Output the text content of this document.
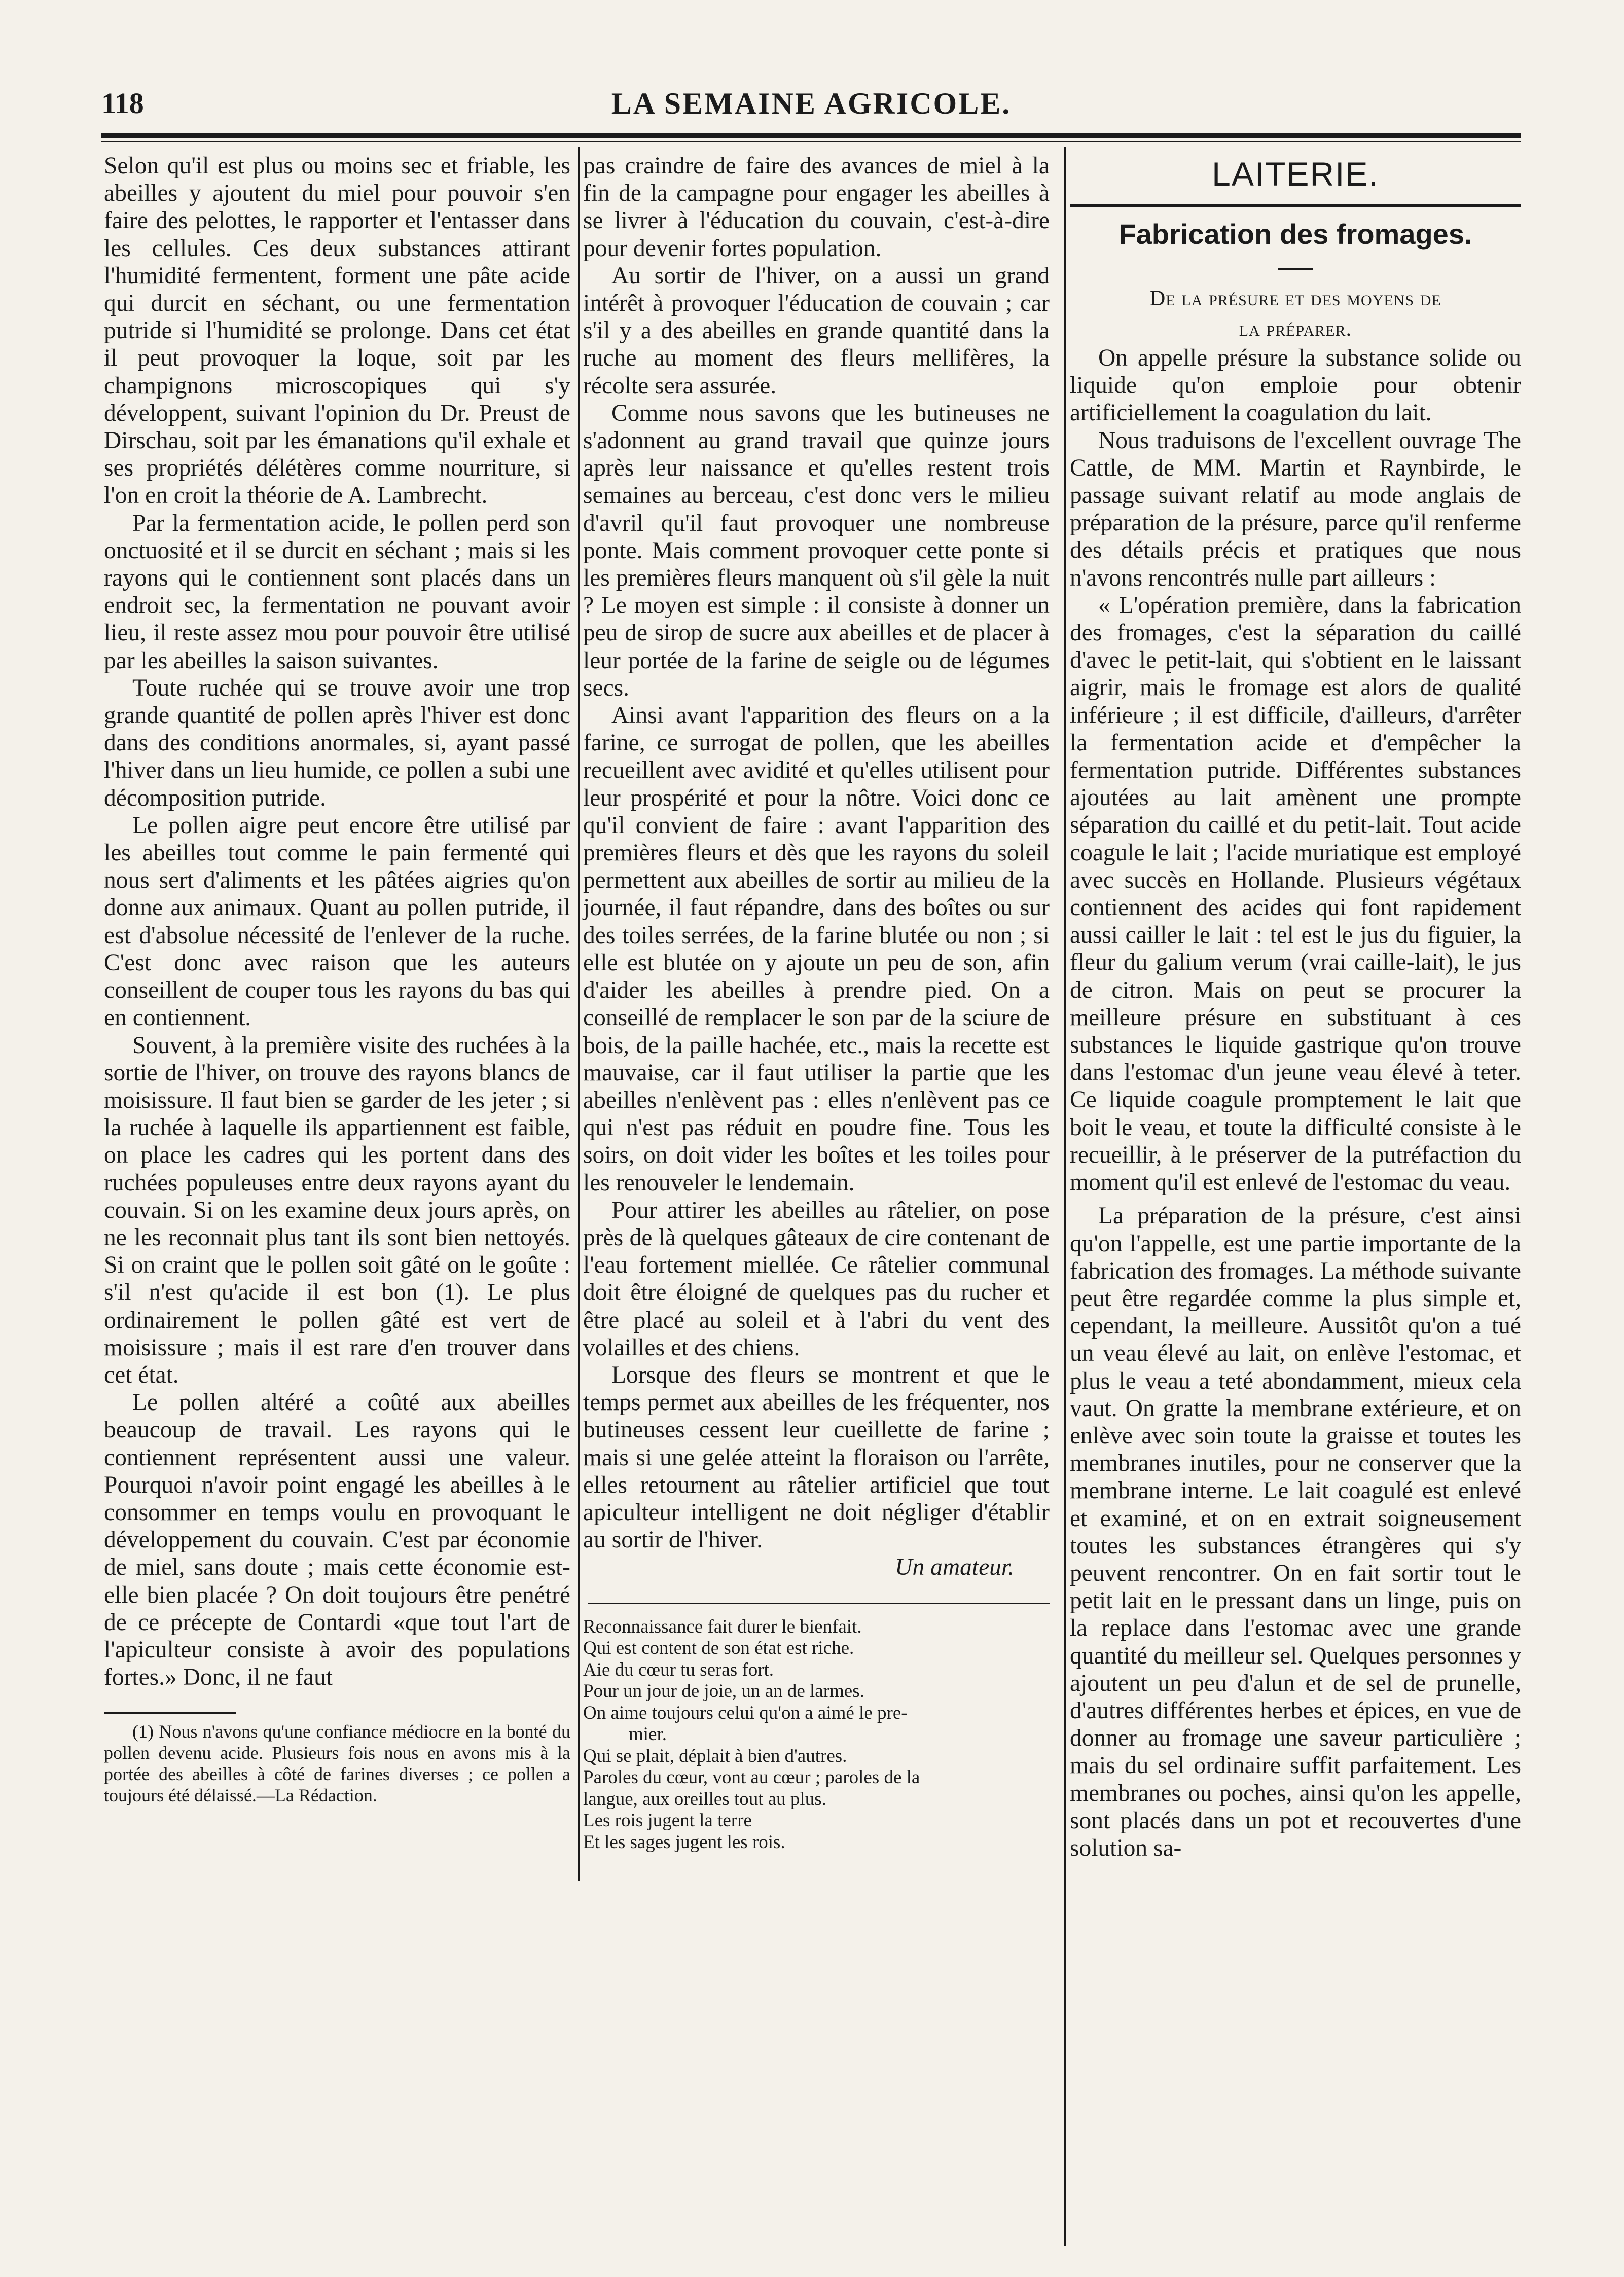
118	LA SEMAINE AGRICOLE.

Selon qu'il est plus ou moins sec et friable, les abeilles y ajoutent du miel pour pouvoir s'en faire des pelottes, le rapporter et l'entasser dans les cellules. Ces deux substances attirant l'humidité fermentent, forment une pâte acide qui durcit en séchant, ou une fermentation putride si l'humidité se prolonge. Dans cet état il peut provoquer la loque, soit par les champignons microscopiques qui s'y développent, suivant l'opinion du Dr. Preust de Dirschau, soit par les émanations qu'il exhale et ses propriétés délétères comme nourriture, si l'on en croit la théorie de A. Lambrecht.

Par la fermentation acide, le pollen perd son onctuosité et il se durcit en séchant ; mais si les rayons qui le contiennent sont placés dans un endroit sec, la fermentation ne pouvant avoir lieu, il reste assez mou pour pouvoir être utilisé par les abeilles la saison suivantes.

Toute ruchée qui se trouve avoir une trop grande quantité de pollen après l'hiver est donc dans des conditions anormales, si, ayant passé l'hiver dans un lieu humide, ce pollen a subi une décomposition putride.

Le pollen aigre peut encore être utilisé par les abeilles tout comme le pain fermenté qui nous sert d'aliments et les pâtées aigries qu'on donne aux animaux. Quant au pollen putride, il est d'absolue nécessité de l'enlever de la ruche. C'est donc avec raison que les auteurs conseillent de couper tous les rayons du bas qui en contiennent.

Souvent, à la première visite des ruchées à la sortie de l'hiver, on trouve des rayons blancs de moisissure. Il faut bien se garder de les jeter ; si la ruchée à laquelle ils appartiennent est faible, on place les cadres qui les portent dans des ruchées populeuses entre deux rayons ayant du couvain. Si on les examine deux jours après, on ne les reconnait plus tant ils sont bien nettoyés. Si on craint que le pollen soit gâté on le goûte : s'il n'est qu'acide il est bon (1). Le plus ordinairement le pollen gâté est vert de moisissure ; mais il est rare d'en trouver dans cet état.

Le pollen altéré a coûté aux abeilles beaucoup de travail. Les rayons qui le contiennent représentent aussi une valeur. Pourquoi n'avoir point engagé les abeilles à le consommer en temps voulu en provoquant le développement du couvain. C'est par économie de miel, sans doute ; mais cette économie est-elle bien placée ? On doit toujours être penétré de ce précepte de Contardi «que tout l'art de l'apiculteur consiste à avoir des populations fortes.» Donc, il ne faut

(1) Nous n'avons qu'une confiance médiocre en la bonté du pollen devenu acide. Plusieurs fois nous en avons mis à la portée des abeilles à côté de farines diverses ; ce pollen a toujours été délaissé.—La Rédaction.

pas craindre de faire des avances de miel à la fin de la campagne pour engager les abeilles à se livrer à l'éducation du couvain, c'est-à-dire pour devenir fortes population.

Au sortir de l'hiver, on a aussi un grand intérêt à provoquer l'éducation de couvain ; car s'il y a des abeilles en grande quantité dans la ruche au moment des fleurs mellifères, la récolte sera assurée.

Comme nous savons que les butineuses ne s'adonnent au grand travail que quinze jours après leur naissance et qu'elles restent trois semaines au berceau, c'est donc vers le milieu d'avril qu'il faut provoquer une nombreuse ponte. Mais comment provoquer cette ponte si les premières fleurs manquent où s'il gèle la nuit ? Le moyen est simple : il consiste à donner un peu de sirop de sucre aux abeilles et de placer à leur portée de la farine de seigle ou de légumes secs.

Ainsi avant l'apparition des fleurs on a la farine, ce surrogat de pollen, que les abeilles recueillent avec avidité et qu'elles utilisent pour leur prospérité et pour la nôtre. Voici donc ce qu'il convient de faire : avant l'apparition des premières fleurs et dès que les rayons du soleil permettent aux abeilles de sortir au milieu de la journée, il faut répandre, dans des boîtes ou sur des toiles serrées, de la farine blutée ou non ; si elle est blutée on y ajoute un peu de son, afin d'aider les abeilles à prendre pied. On a conseillé de remplacer le son par de la sciure de bois, de la paille hachée, etc., mais la recette est mauvaise, car il faut utiliser la partie que les abeilles n'enlèvent pas : elles n'enlèvent pas ce qui n'est pas réduit en poudre fine. Tous les soirs, on doit vider les boîtes et les toiles pour les renouveler le lendemain.

Pour attirer les abeilles au râtelier, on pose près de là quelques gâteaux de cire contenant de l'eau fortement miellée. Ce râtelier communal doit être éloigné de quelques pas du rucher et être placé au soleil et à l'abri du vent des volailles et des chiens.

Lorsque des fleurs se montrent et que le temps permet aux abeilles de les fréquenter, nos butineuses cessent leur cueillette de farine ; mais si une gelée atteint la floraison ou l'arrête, elles retournent au râtelier artificiel que tout apiculteur intelligent ne doit négliger d'établir au sortir de l'hiver.

Un amateur.
Reconnaissance fait durer le bienfait.
Qui est content de son état est riche.
Aie du cœur tu seras fort.
Pour un jour de joie, un an de larmes.
On aime toujours celui qu'on a aimé le pre-
mier.
Qui se plait, déplait à bien d'autres.
Paroles du cœur, vont au cœur ; paroles de la
langue, aux oreilles tout au plus.
Les rois jugent la terre
Et les sages jugent les rois.
LAITERIE.
Fabrication des fromages.
De la présure et des moyens de
la préparer.

On appelle présure la substance solide ou liquide qu'on emploie pour obtenir artificiellement la coagulation du lait.

Nous traduisons de l'excellent ouvrage The Cattle, de MM. Martin et Raynbirde, le passage suivant relatif au mode anglais de préparation de la présure, parce qu'il renferme des détails précis et pratiques que nous n'avons rencontrés nulle part ailleurs :

« L'opération première, dans la fabrication des fromages, c'est la séparation du caillé d'avec le petit-lait, qui s'obtient en le laissant aigrir, mais le fromage est alors de qualité inférieure ; il est difficile, d'ailleurs, d'arrêter la fermentation acide et d'empêcher la fermentation putride. Différentes substances ajoutées au lait amènent une prompte séparation du caillé et du petit-lait. Tout acide coagule le lait ; l'acide muriatique est employé avec succès en Hollande. Plusieurs végétaux contiennent des acides qui font rapidement aussi cailler le lait : tel est le jus du figuier, la fleur du galium verum (vrai caille-lait), le jus de citron. Mais on peut se procurer la meilleure présure en substituant à ces substances le liquide gastrique qu'on trouve dans l'estomac d'un jeune veau élevé à teter. Ce liquide coagule promptement le lait que boit le veau, et toute la difficulté consiste à le recueillir, à le préserver de la putréfaction du moment qu'il est enlevé de l'estomac du veau.

La préparation de la présure, c'est ainsi qu'on l'appelle, est une partie importante de la fabrication des fromages. La méthode suivante peut être regardée comme la plus simple et, cependant, la meilleure. Aussitôt qu'on a tué un veau élevé au lait, on enlève l'estomac, et plus le veau a teté abondamment, mieux cela vaut. On gratte la membrane extérieure, et on enlève avec soin toute la graisse et toutes les membranes inutiles, pour ne conserver que la membrane interne. Le lait coagulé est enlevé et examiné, et on en extrait soigneusement toutes les substances étrangères qui s'y peuvent rencontrer. On en fait sortir tout le petit lait en le pressant dans un linge, puis on la replace dans l'estomac avec une grande quantité du meilleur sel. Quelques personnes y ajoutent un peu d'alun et de sel de prunelle, d'autres différentes herbes et épices, en vue de donner au fromage une saveur particulière ; mais du sel ordinaire suffit parfaitement. Les membranes ou poches, ainsi qu'on les appelle, sont placés dans un pot et recouvertes d'une solution sa-
